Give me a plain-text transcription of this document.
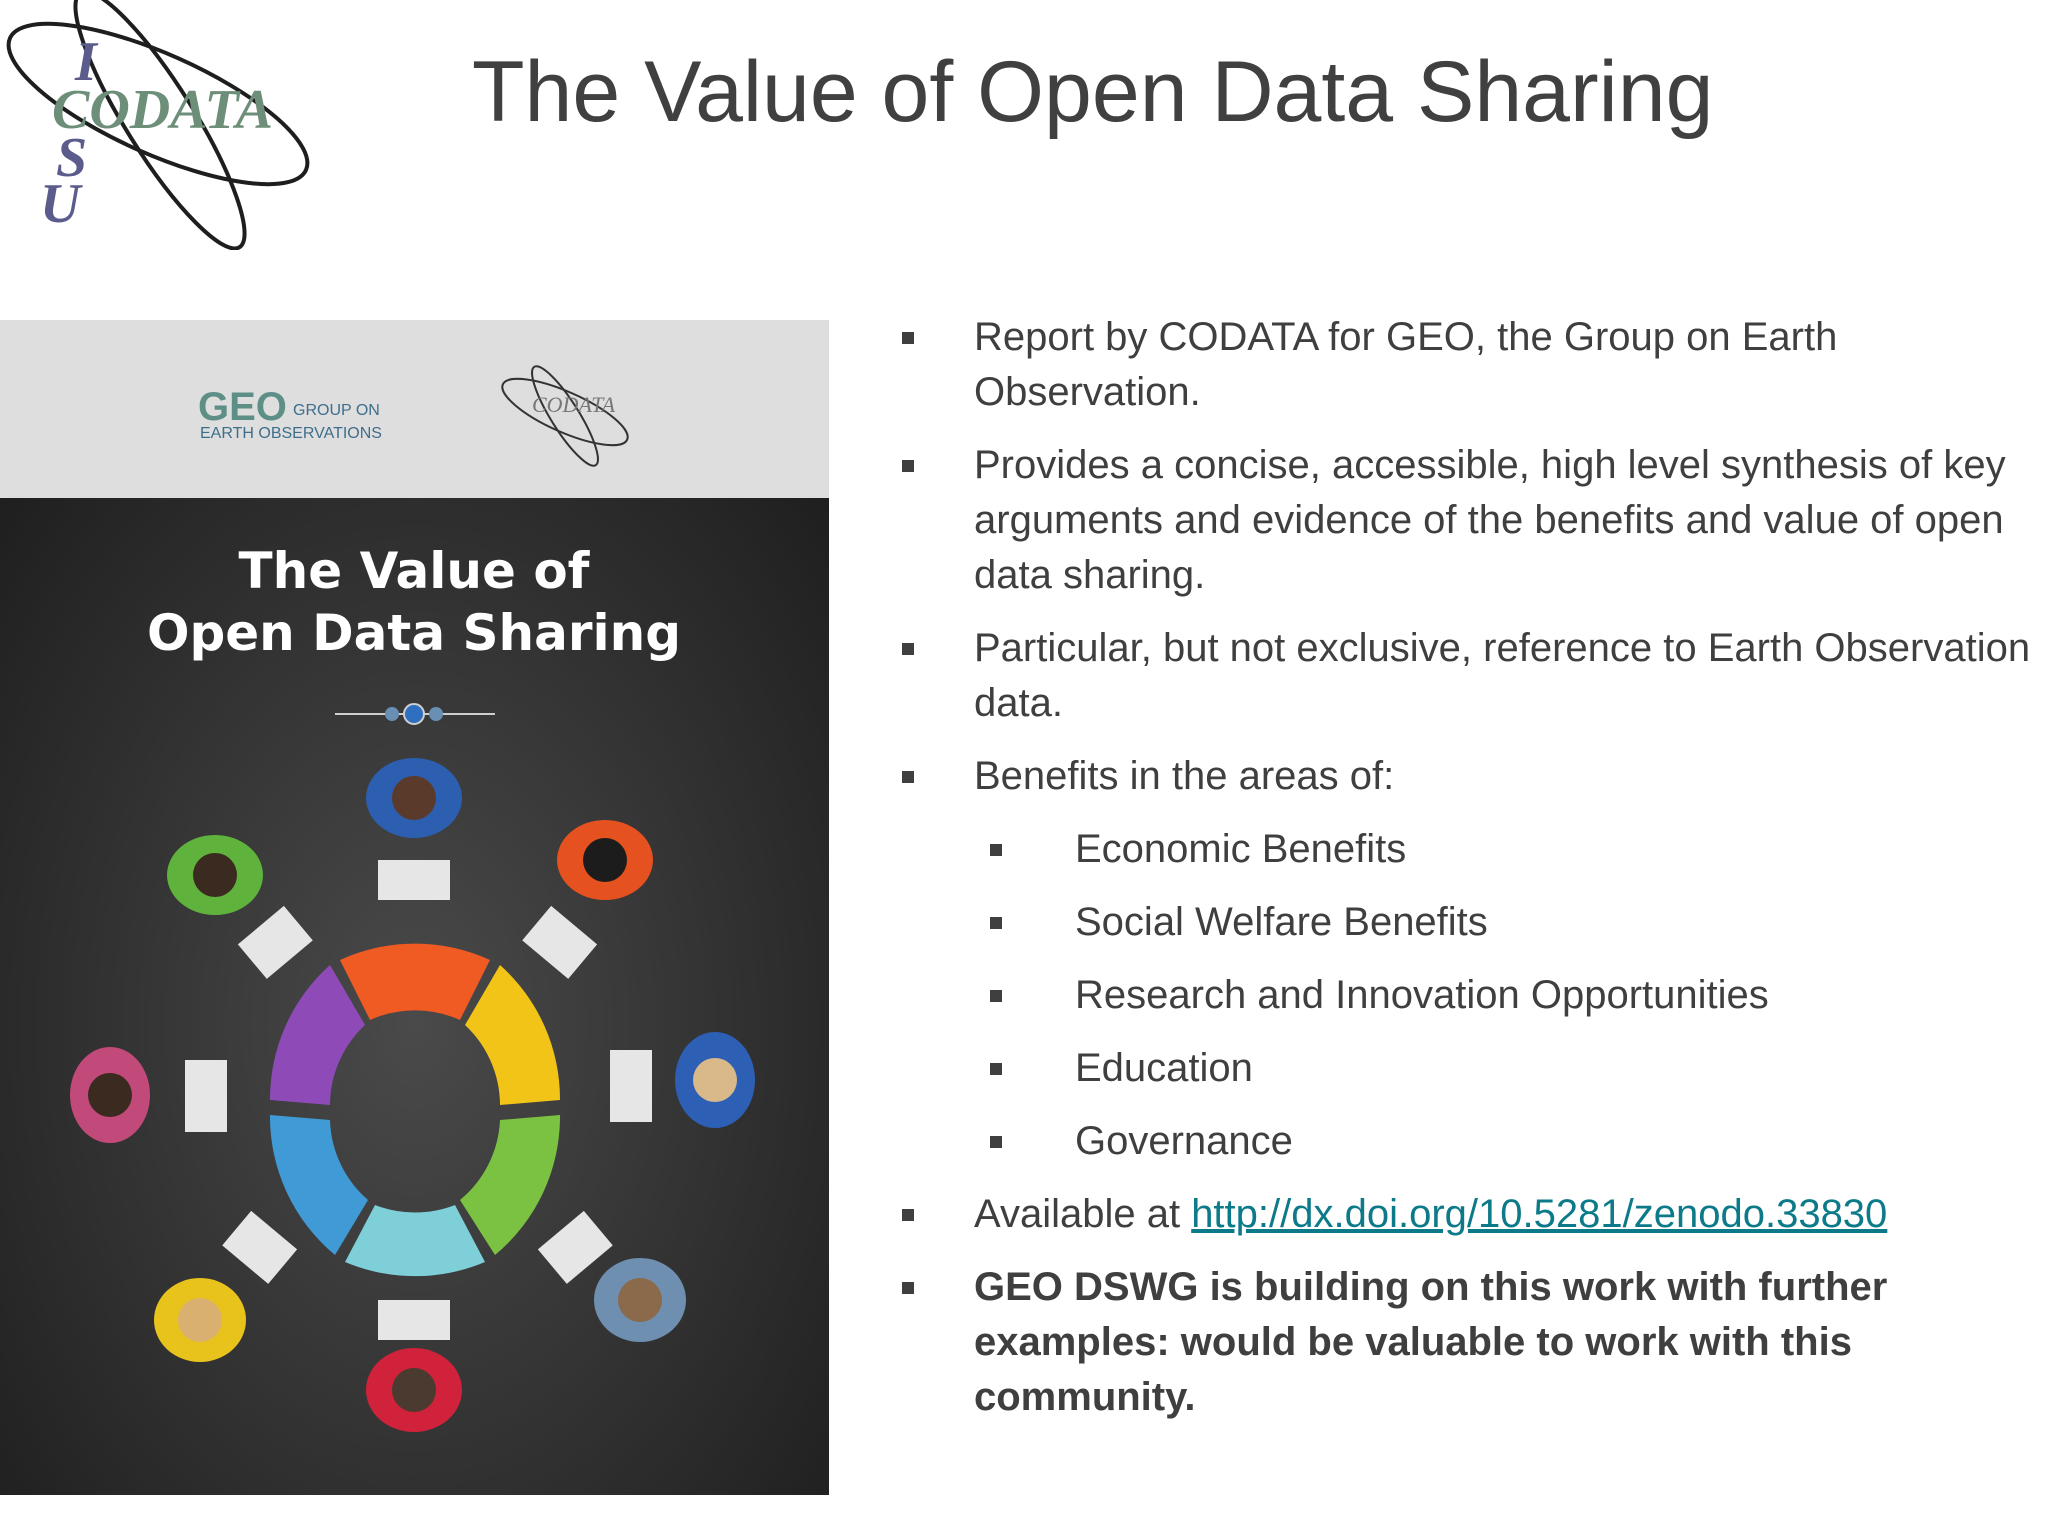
I
CODATA
S
U
The Value of Open Data Sharing
GEO GROUP ON
EARTH OBSERVATIONS
CODATA
The Value of
Open Data Sharing
Report by CODATA for GEO, the Group on Earth Observation.
Provides a concise, accessible, high level synthesis of key arguments and evidence of the benefits and value of open data sharing.
Particular, but not exclusive, reference to Earth Observation data.
Benefits in the areas of:
Economic Benefits
Social Welfare Benefits
Research and Innovation Opportunities
Education
Governance
Available at http://dx.doi.org/10.5281/zenodo.33830
GEO DSWG is building on this work with further examples: would be valuable to work with this community.
